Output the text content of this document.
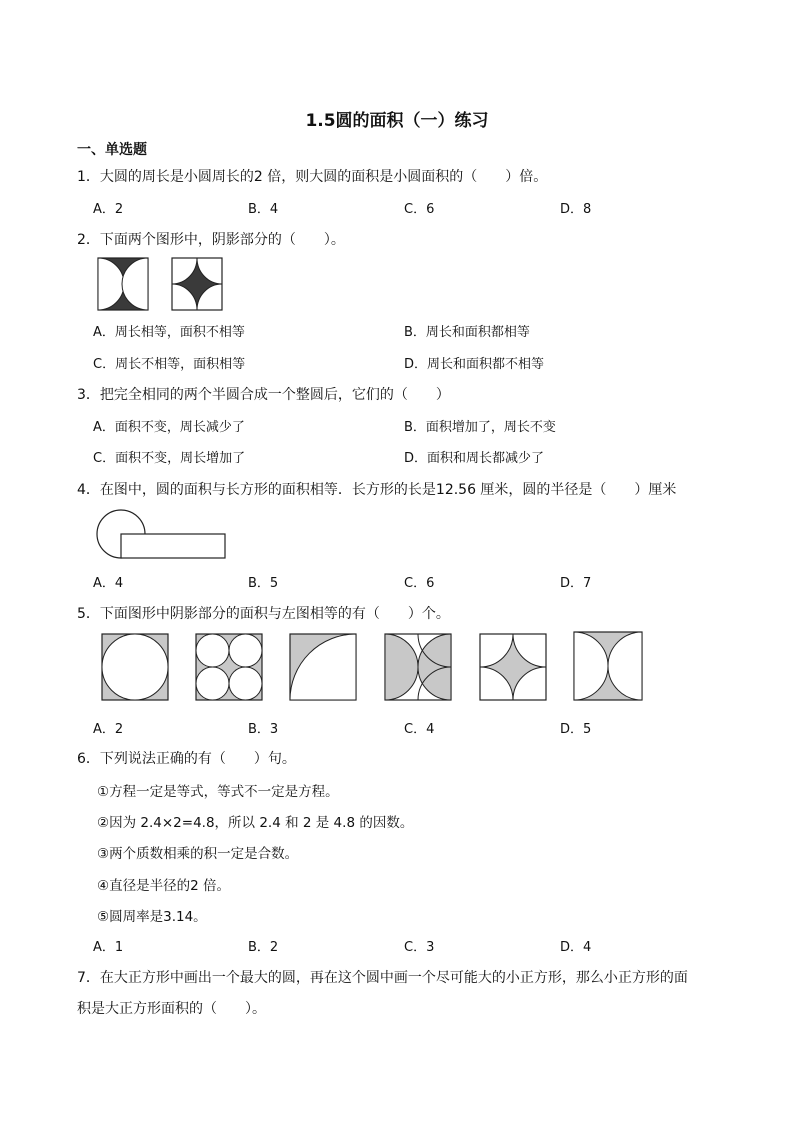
1.5圆的面积（一）练习
一、单选题
1．大圆的周长是小圆周长的2 倍，则大圆的面积是小圆面积的（　　）倍。
A．2	B．4	C．6	D．8
2．下面两个图形中，阴影部分的（　　）。
A．周长相等，面积不相等	B．周长和面积都相等
C．周长不相等，面积相等	D．周长和面积都不相等
3．把完全相同的两个半圆合成一个整圆后，它们的（　　）
A．面积不变，周长减少了	B．面积增加了，周长不变
C．面积不变，周长增加了	D．面积和周长都减少了
4．在图中，圆的面积与长方形的面积相等．长方形的长是12.56 厘米，圆的半径是（　　）厘米
A．4	B．5	C．6	D．7
5．下面图形中阴影部分的面积与左图相等的有（　　）个。
A．2	B．3	C．4	D．5
6．下列说法正确的有（　　）句。
①方程一定是等式，等式不一定是方程。
②因为 2.4×2=4.8，所以 2.4 和 2 是 4.8 的因数。
③两个质数相乘的积一定是合数。
④直径是半径的2 倍。
⑤圆周率是3.14。
A．1	B．2	C．3	D．4
7．在大正方形中画出一个最大的圆，再在这个圆中画一个尽可能大的小正方形，那么小正方形的面
积是大正方形面积的（　　）。
